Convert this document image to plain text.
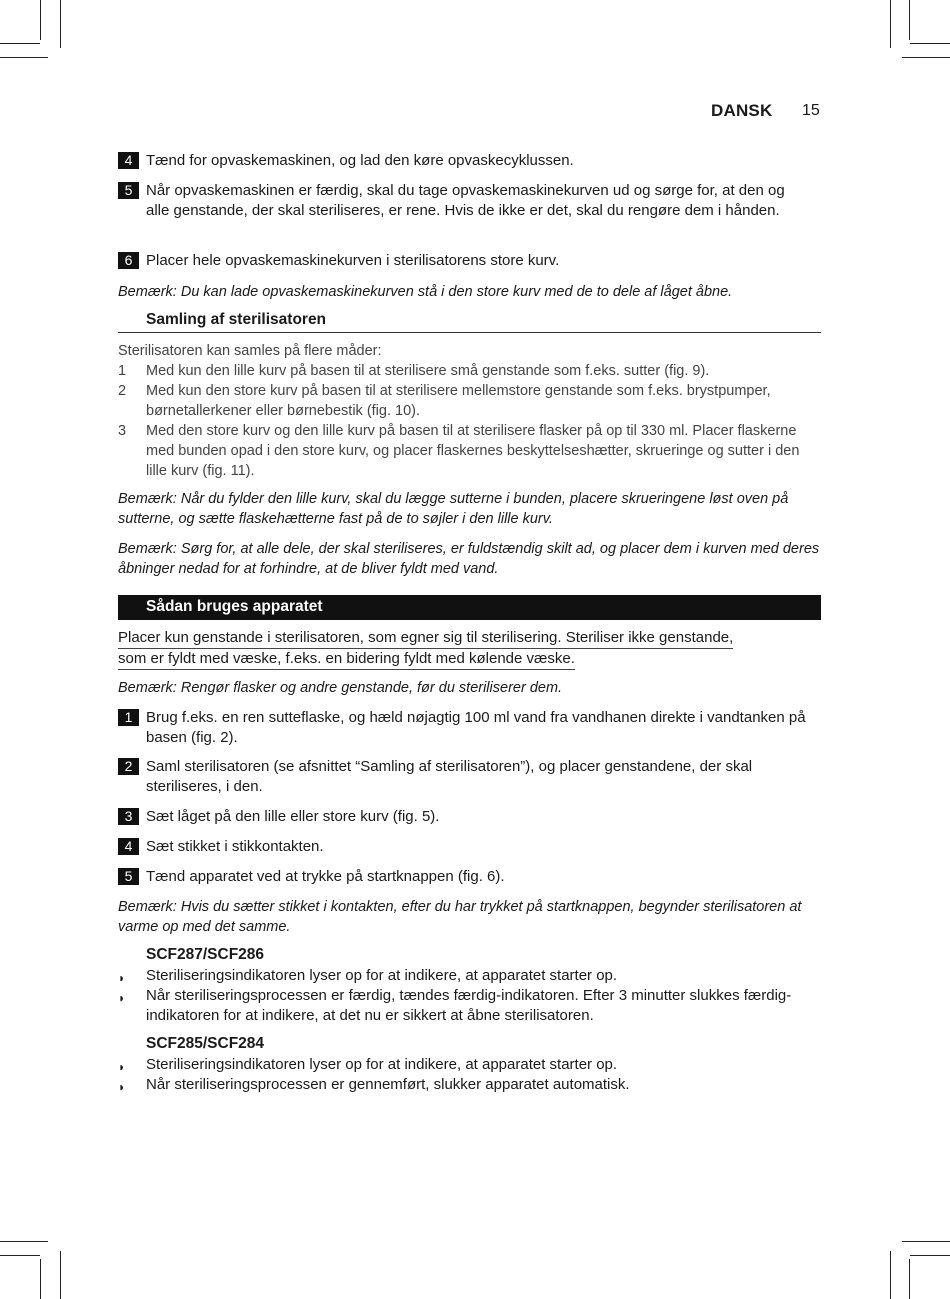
DANSK 15
4 Tænd for opvaskemaskinen, og lad den køre opvaskecyklussen.
5 Når opvaskemaskinen er færdig, skal du tage opvaskemaskinekurven ud og sørge for, at den og alle genstande, der skal steriliseres, er rene. Hvis de ikke er det, skal du rengøre dem i hånden.
6 Placer hele opvaskemaskinekurven i sterilisatorens store kurv.
Bemærk: Du kan lade opvaskemaskinekurven stå i den store kurv med de to dele af låget åbne.
Samling af sterilisatoren
Sterilisatoren kan samles på flere måder:
1 Med kun den lille kurv på basen til at sterilisere små genstande som f.eks. sutter (fig. 9).
2 Med kun den store kurv på basen til at sterilisere mellemstore genstande som f.eks. brystpumper, børnetallerkener eller børnebestik (fig. 10).
3 Med den store kurv og den lille kurv på basen til at sterilisere flasker på op til 330 ml. Placer flaskerne med bunden opad i den store kurv, og placer flaskernes beskyttelseshætter, skrueringe og sutter i den lille kurv (fig. 11).
Bemærk: Når du fylder den lille kurv, skal du lægge sutterne i bunden, placere skrueringene løst oven på sutterne, og sætte flaskehætterne fast på de to søjler i den lille kurv.
Bemærk: Sørg for, at alle dele, der skal steriliseres, er fuldstændig skilt ad, og placer dem i kurven med deres åbninger nedad for at forhindre, at de bliver fyldt med vand.
Sådan bruges apparatet
Placer kun genstande i sterilisatoren, som egner sig til sterilisering. Steriliser ikke genstande,
som er fyldt med væske, f.eks. en bidering fyldt med kølende væske.
Bemærk: Rengør flasker og andre genstande, før du steriliserer dem.
1 Brug f.eks. en ren sutteflaske, og hæld nøjagtig 100 ml vand fra vandhanen direkte i vandtanken på basen (fig. 2).
2 Saml sterilisatoren (se afsnittet “Samling af sterilisatoren”), og placer genstandene, der skal steriliseres, i den.
3 Sæt låget på den lille eller store kurv (fig. 5).
4 Sæt stikket i stikkontakten.
5 Tænd apparatet ved at trykke på startknappen (fig. 6).
Bemærk: Hvis du sætter stikket i kontakten, efter du har trykket på startknappen, begynder sterilisatoren at varme op med det samme.
SCF287/SCF286
◗ Steriliseringsindikatoren lyser op for at indikere, at apparatet starter op.
◗ Når steriliseringsprocessen er færdig, tændes færdig-indikatoren. Efter 3 minutter slukkes færdig-indikatoren for at indikere, at det nu er sikkert at åbne sterilisatoren.
SCF285/SCF284
◗ Steriliseringsindikatoren lyser op for at indikere, at apparatet starter op.
◗ Når steriliseringsprocessen er gennemført, slukker apparatet automatisk.
